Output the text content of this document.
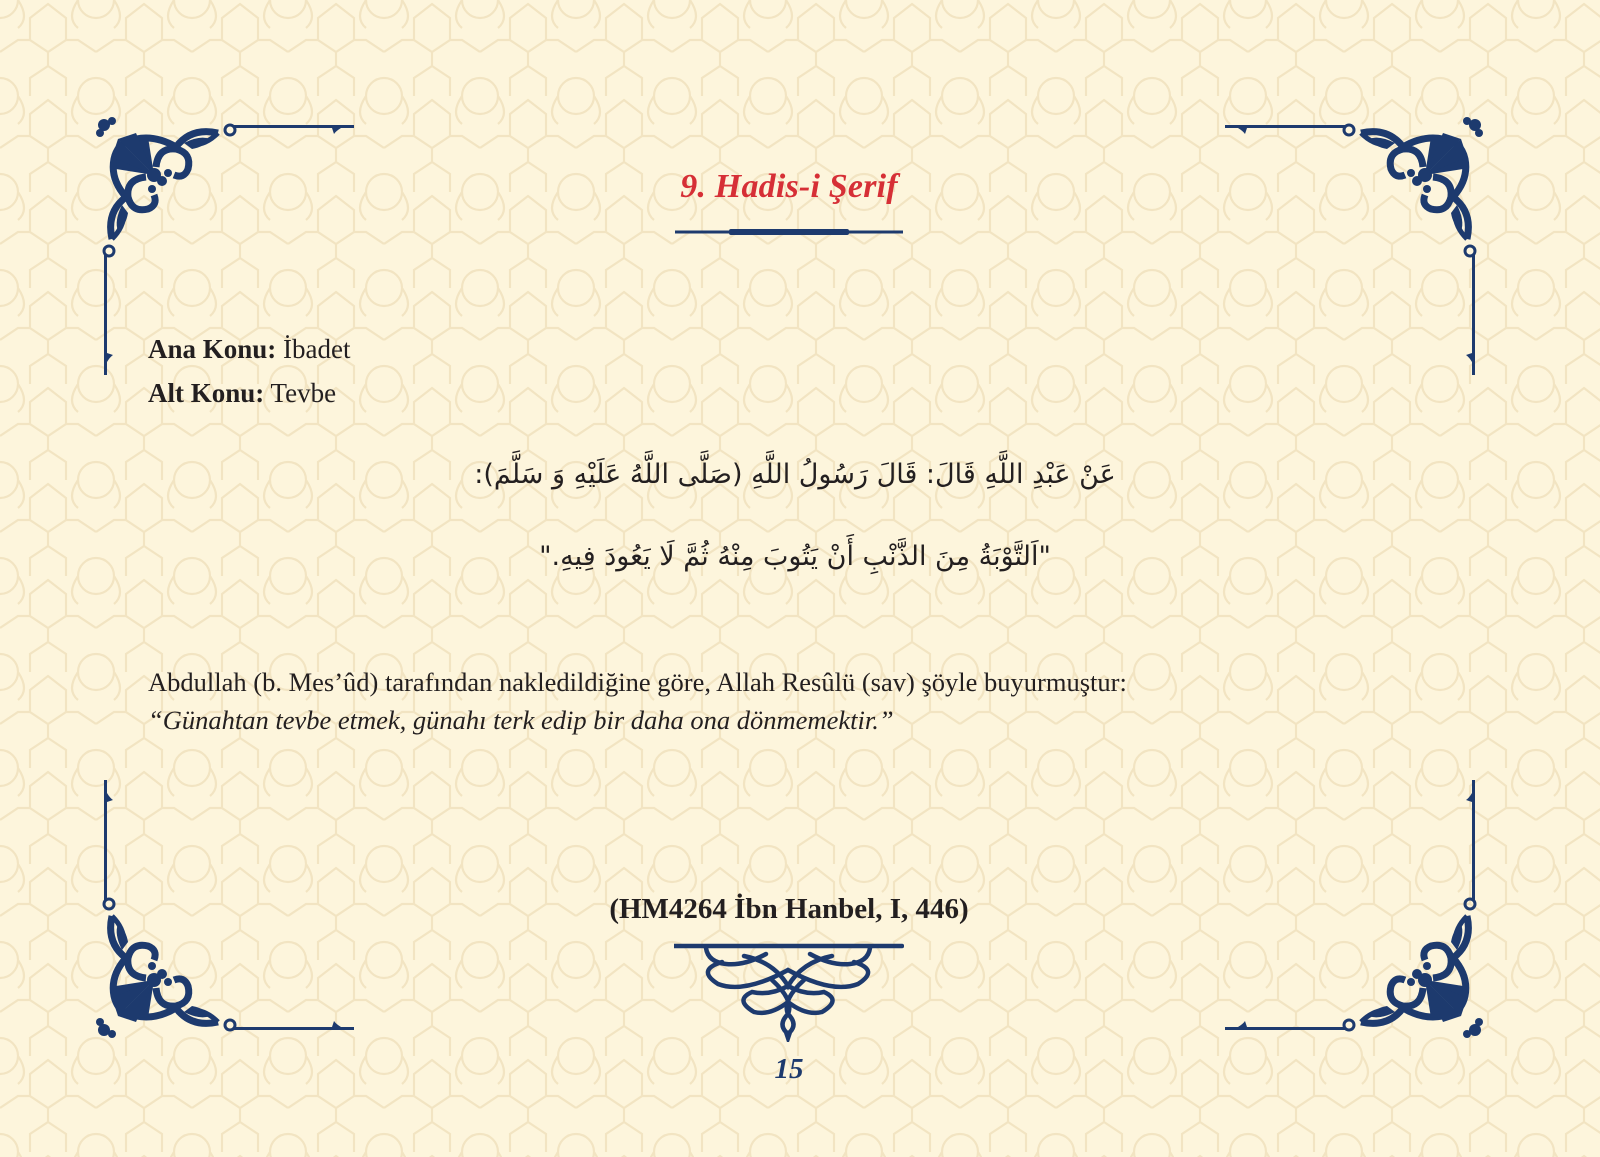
9. Hadis-i Şerif
Ana Konu: İbadet
Alt Konu: Tevbe
عَنْ عَبْدِ اللَّهِ قَالَ: قَالَ رَسُولُ اللَّهِ (صَلَّى اللَّهُ عَلَيْهِ وَ سَلَّمَ):
"اَلتَّوْبَةُ مِنَ الذَّنْبِ أَنْ يَتُوبَ مِنْهُ ثُمَّ لَا يَعُودَ فِيهِ."
Abdullah (b. Mes’ûd) tarafından nakledildiğine göre, Allah Resûlü (sav) şöyle buyurmuştur:
“Günahtan tevbe etmek, günahı terk edip bir daha ona dönmemektir.”
(HM4264 İbn Hanbel, I, 446)
15
